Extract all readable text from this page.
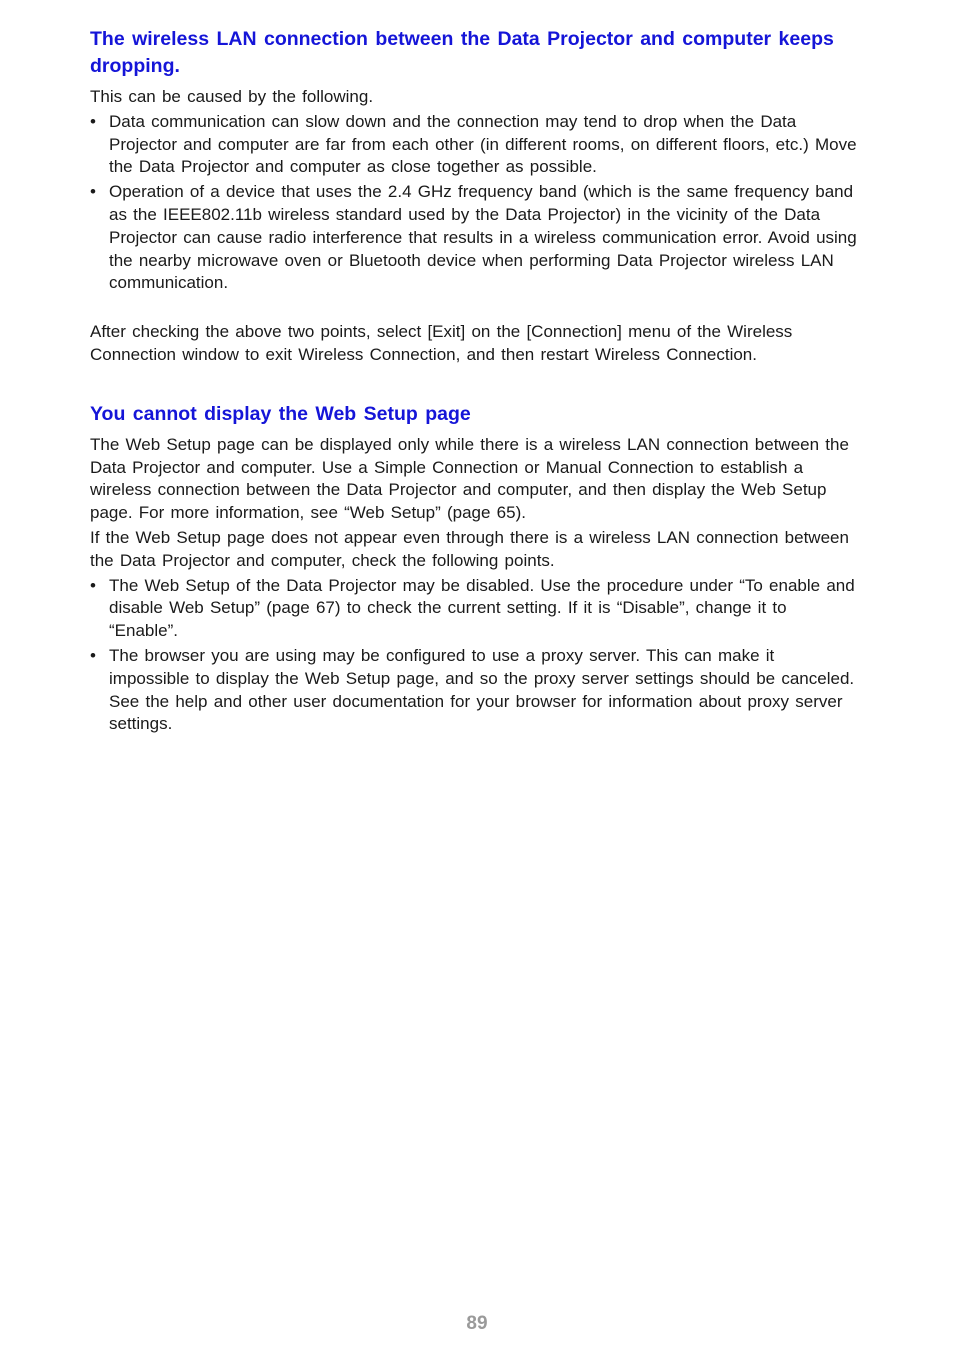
The wireless LAN connection between the Data Projector and computer keeps dropping.

This can be caused by the following.

• Data communication can slow down and the connection may tend to drop when the Data Projector and computer are far from each other (in different rooms, on different floors, etc.) Move the Data Projector and computer as close together as possible.
• Operation of a device that uses the 2.4 GHz frequency band (which is the same frequency band as the IEEE802.11b wireless standard used by the Data Projector) in the vicinity of the Data Projector can cause radio interference that results in a wireless communication error. Avoid using the nearby microwave oven or Bluetooth device when performing Data Projector wireless LAN communication.

After checking the above two points, select [Exit] on the [Connection] menu of the Wireless Connection window to exit Wireless Connection, and then restart Wireless Connection.

You cannot display the Web Setup page

The Web Setup page can be displayed only while there is a wireless LAN connection between the Data Projector and computer. Use a Simple Connection or Manual Connection to establish a wireless connection between the Data Projector and computer, and then display the Web Setup page. For more information, see “Web Setup” (page 65).

If the Web Setup page does not appear even through there is a wireless LAN connection between the Data Projector and computer, check the following points.

• The Web Setup of the Data Projector may be disabled. Use the procedure under “To enable and disable Web Setup” (page 67) to check the current setting. If it is “Disable”, change it to “Enable”.
• The browser you are using may be configured to use a proxy server. This can make it impossible to display the Web Setup page, and so the proxy server settings should be canceled. See the help and other user documentation for your browser for information about proxy server settings.
89
